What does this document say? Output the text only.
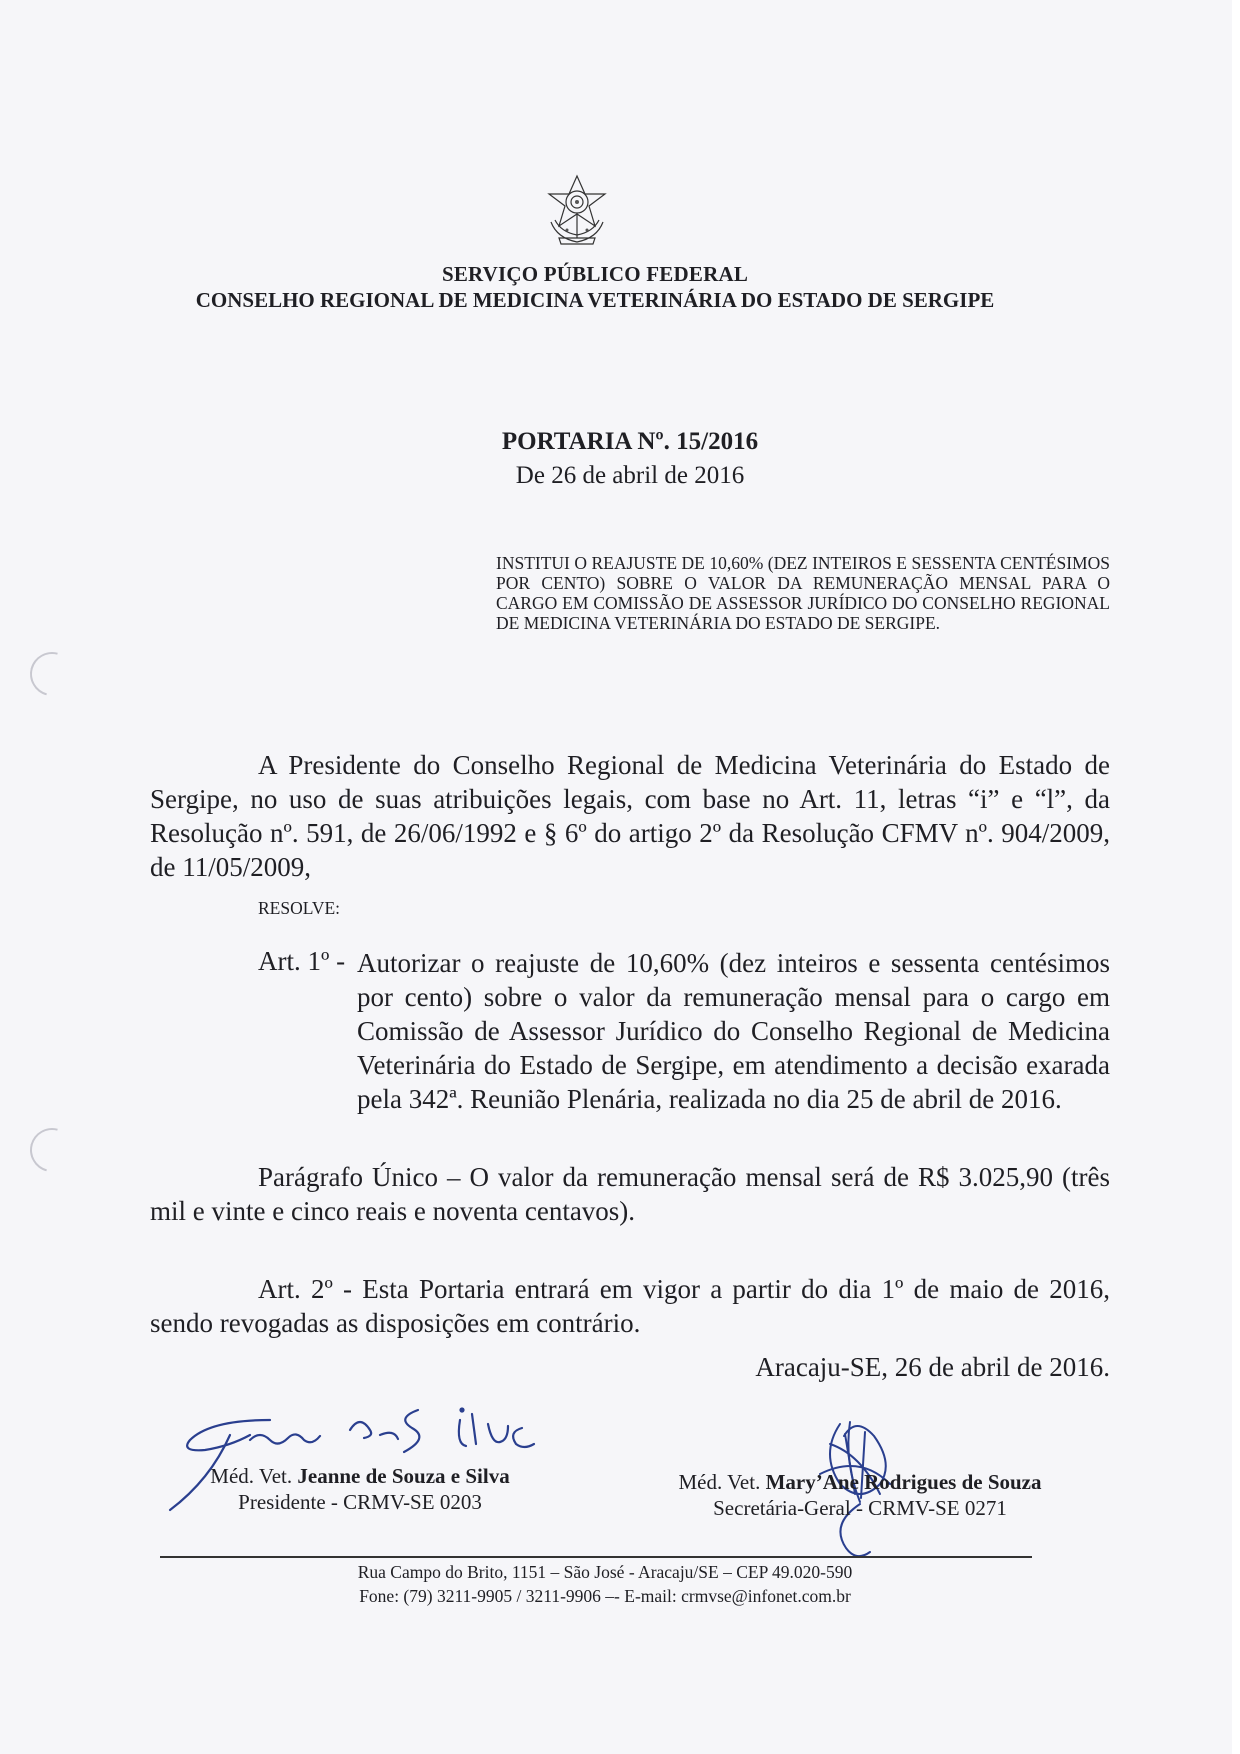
SERVIÇO PÚBLICO FEDERAL
CONSELHO REGIONAL DE MEDICINA VETERINÁRIA DO ESTADO DE SERGIPE
PORTARIA Nº. 15/2016
De 26 de abril de 2016
INSTITUI O REAJUSTE DE 10,60% (DEZ INTEIROS E SESSENTA CENTÉSIMOS POR CENTO) SOBRE O VALOR DA REMUNERAÇÃO MENSAL PARA O CARGO EM COMISSÃO DE ASSESSOR JURÍDICO DO CONSELHO REGIONAL DE MEDICINA VETERINÁRIA DO ESTADO DE SERGIPE.
A Presidente do Conselho Regional de Medicina Veterinária do Estado de Sergipe, no uso de suas atribuições legais, com base no Art. 11, letras “i” e “l”, da Resolução nº. 591, de 26/06/1992 e § 6º do artigo 2º da Resolução CFMV nº. 904/2009, de 11/05/2009,
RESOLVE:
Art. 1º - Autorizar o reajuste de 10,60% (dez inteiros e sessenta centésimos por cento) sobre o valor da remuneração mensal para o cargo em Comissão de Assessor Jurídico do Conselho Regional de Medicina Veterinária do Estado de Sergipe, em atendimento a decisão exarada pela 342ª. Reunião Plenária, realizada no dia 25 de abril de 2016.
Parágrafo Único – O valor da remuneração mensal será de R$ 3.025,90 (três mil e vinte e cinco reais e noventa centavos).
Art. 2º - Esta Portaria entrará em vigor a partir do dia 1º de maio de 2016, sendo revogadas as disposições em contrário.
Aracaju-SE, 26 de abril de 2016.
Méd. Vet. Jeanne de Souza e Silva
Presidente - CRMV-SE 0203
Méd. Vet. Mary’Ane Rodrigues de Souza
Secretária-Geral - CRMV-SE 0271
Rua Campo do Brito, 1151 – São José - Aracaju/SE – CEP 49.020-590
Fone: (79) 3211-9905 / 3211-9906 –- E-mail: crmvse@infonet.com.br
